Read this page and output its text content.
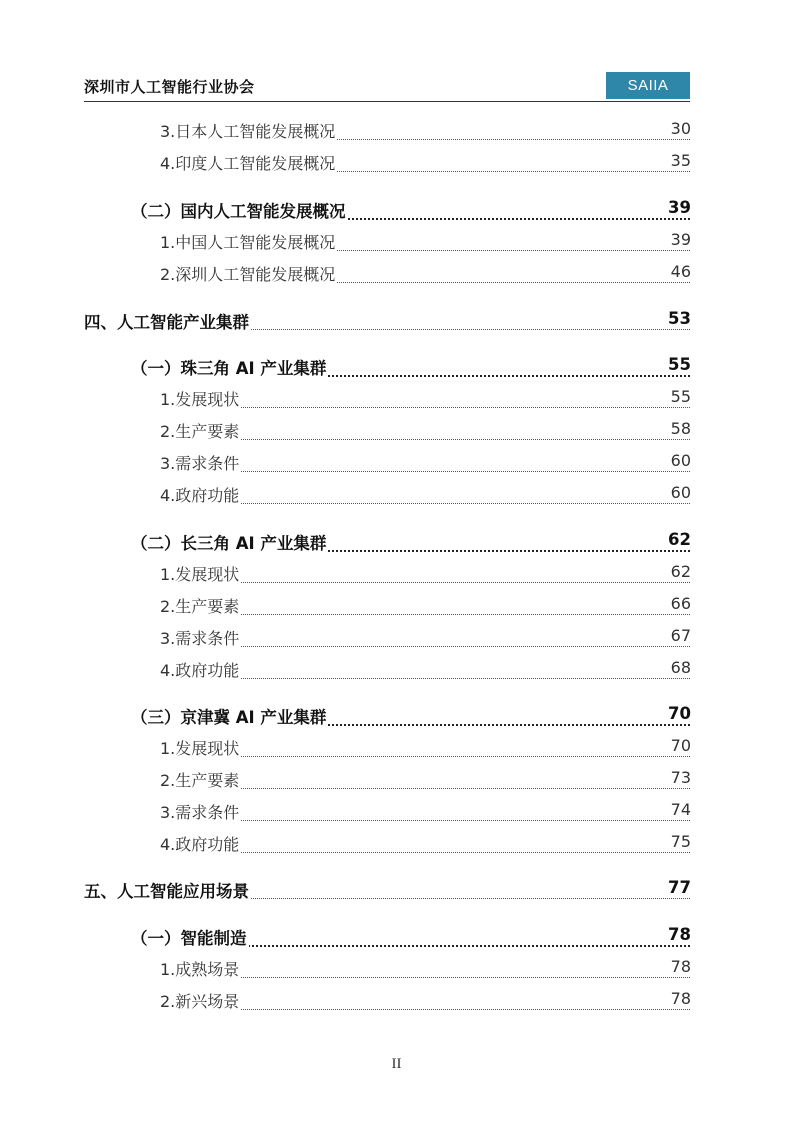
深圳市人工智能行业协会	SAIIA
3.日本人工智能发展概况	30
4.印度人工智能发展概况	35
（二）国内人工智能发展概况	39
1.中国人工智能发展概况	39
2.深圳人工智能发展概况	46
四、人工智能产业集群	53
（一）珠三角 AI 产业集群	55
1.发展现状	55
2.生产要素	58
3.需求条件	60
4.政府功能	60
（二）长三角 AI 产业集群	62
1.发展现状	62
2.生产要素	66
3.需求条件	67
4.政府功能	68
（三）京津冀 AI 产业集群	70
1.发展现状	70
2.生产要素	73
3.需求条件	74
4.政府功能	75
五、人工智能应用场景	77
（一）智能制造	78
1.成熟场景	78
2.新兴场景	78
II
